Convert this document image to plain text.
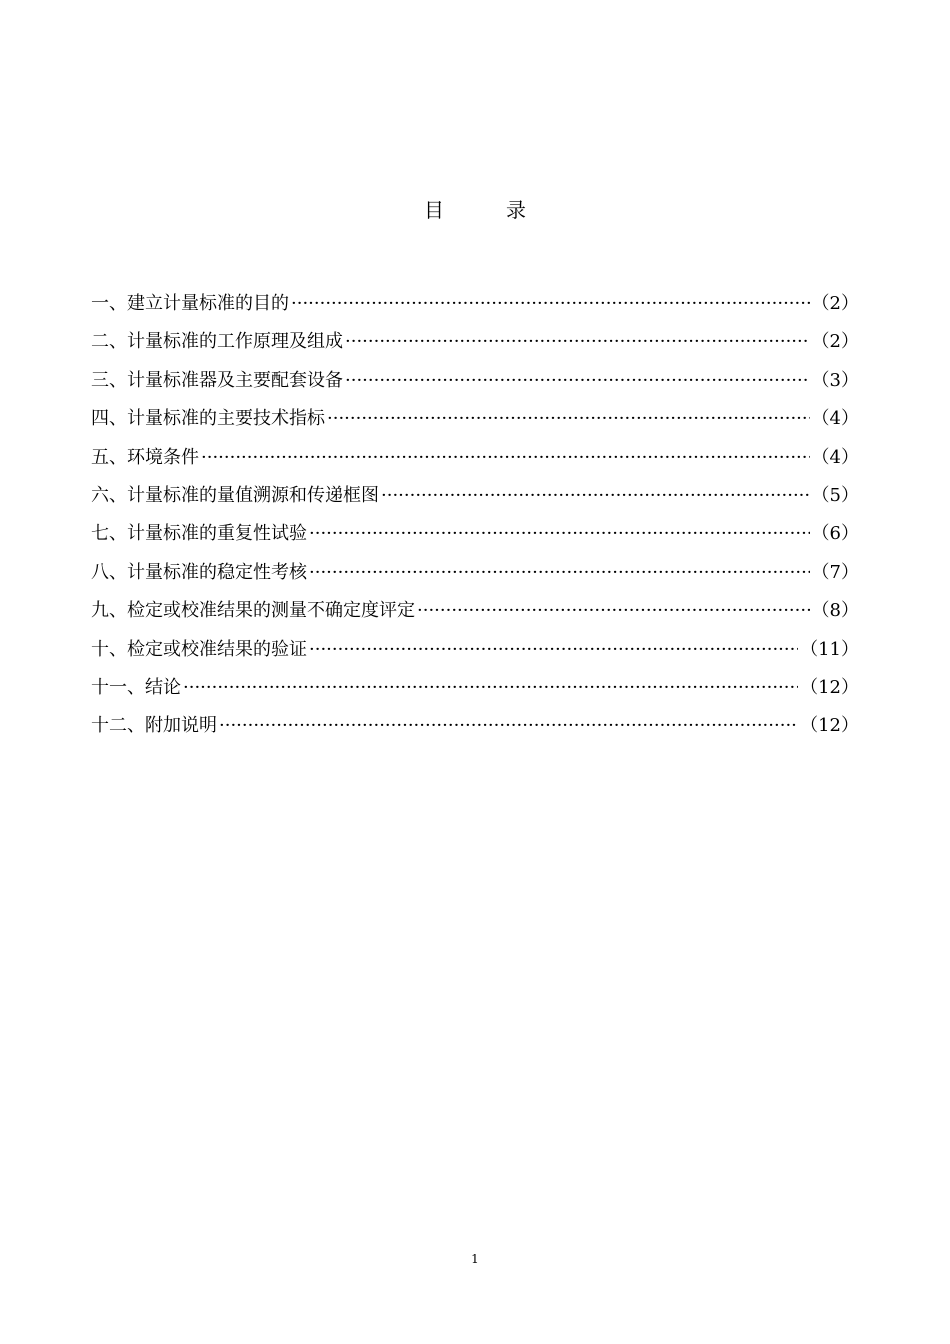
目	录
一、建立计量标准的目的 ·····	（2）
二、计量标准的工作原理及组成 ·····	（2）
三、计量标准器及主要配套设备 ·····	（3）
四、计量标准的主要技术指标 ·····	（4）
五、环境条件 ·····	（4）
六、计量标准的量值溯源和传递框图 ·····	（5）
七、计量标准的重复性试验 ·····	（6）
八、计量标准的稳定性考核 ·····	（7）
九、检定或校准结果的测量不确定度评定 ·····	（8）
十、检定或校准结果的验证 ·····	（11）
十一、结论 ·····	（12）
十二、附加说明 ·····	（12）
1
